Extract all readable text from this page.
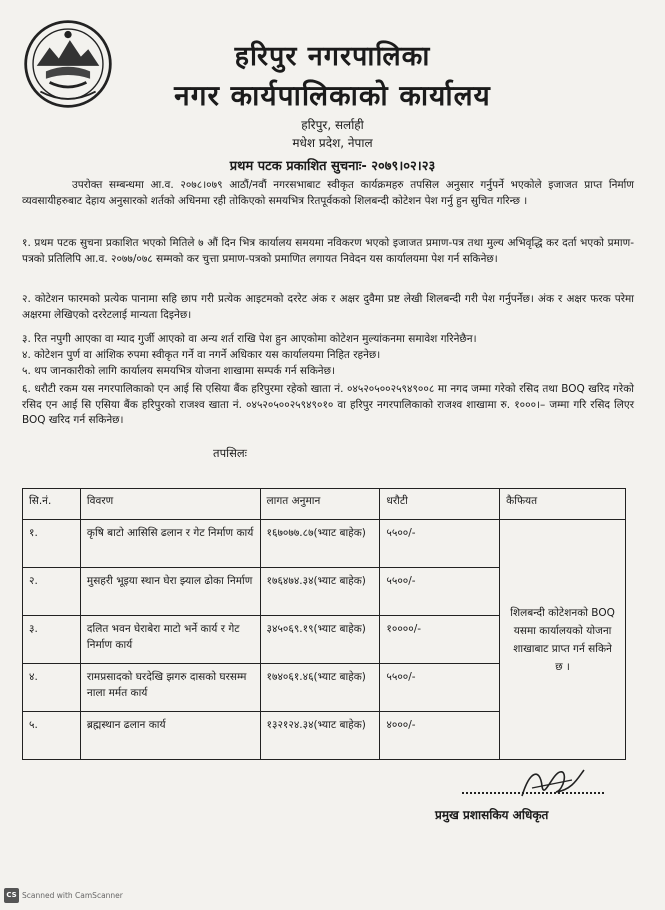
हरिपुर नगरपालिका
नगर कार्यपालिकाको कार्यालय
हरिपुर, सर्लाही
मधेश प्रदेश, नेपाल
प्रथम पटक प्रकाशित सुचनाः- २०७९।०२।२३
उपरोक्त सम्बन्धमा आ.व. २०७८।०७९ आठौं/नवौं नगरसभाबाट स्वीकृत कार्यक्रमहरु तपसिल अनुसार गर्नुपर्ने भएकोले इजाजत प्राप्त निर्माण व्यवसायीहरुबाट देहाय अनुसारको शर्तको अधिनमा रही तोकिएको समयभित्र रितपूर्वकको शिलबन्दी कोटेशन पेश गर्नु हुन सुचित गरिन्छ ।
१. प्रथम पटक सुचना प्रकाशित भएको मितिले ७ औं दिन भित्र कार्यालय समयमा नविकरण भएको इजाजत प्रमाण-पत्र तथा मुल्य अभिवृद्धि कर दर्ता भएको प्रमाण-पत्रको प्रतिलिपि आ.व. २०७७/०७८ सम्मको कर चुत्ता प्रमाण-पत्रको प्रमाणित लगायत निवेदन यस कार्यालयमा पेश गर्न सकिनेछ।
२. कोटेशन फारमको प्रत्येक पानामा सहि छाप गरी प्रत्येक आइटमको दररेट अंक र अक्षर दुवैमा प्रष्ट लेखी शिलबन्दी गरी पेश गर्नुपर्नेछ। अंक र अक्षर फरक परेमा अक्षरमा लेखिएको दररेटलाई मान्यता दिइनेछ।
३. रित नपुगी आएका वा म्याद गुर्जी आएको वा अन्य शर्त राखि पेश हुन आएकोमा कोटेशन मुल्यांकनमा समावेश गरिनेछैन।
४. कोटेशन पुर्ण वा आंशिक रुपमा स्वीकृत गर्ने वा नगर्ने अधिकार यस कार्यालयमा निहित रहनेछ।
५. थप जानकारीको लागि कार्यालय समयभित्र योजना शाखामा सम्पर्क गर्न सकिनेछ।
६. धरौटी रकम यस नगरपालिकाको एन आई सि एसिया बैंक हरिपुरमा रहेको खाता नं. ०४५२०५००२५९४९००८ मा नगद जम्मा गरेको रसिद तथा BOQ खरिद गरेको रसिद एन आई सि एसिया बैंक हरिपुरको राजश्व खाता नं. ०४५२०५००२५९४९०१० वा हरिपुर नगरपालिकाको राजश्व शाखामा रु. १०००।– जम्मा गरि रसिद लिएर BOQ खरिद गर्न सकिनेछ।
तपसिलः
सि.नं.	विवरण	लागत अनुमान	धरौटी	कैफियत
१.	कृषि बाटो आसिसि ढलान र गेट निर्माण कार्य	१६७०७७.८७(भ्याट बाहेक)	५५००/-	शिलबन्दी कोटेशनको BOQ यसमा कार्यालयको योजना शाखाबाट प्राप्त गर्न सकिने छ ।
२.	मुसहरी भूइया स्थान घेरा झ्याल ढोका निर्माण	१७६४७४.३४(भ्याट बाहेक)	५५००/-	
३.	दलित भवन घेराबेरा माटो भर्ने कार्य र गेट निर्माण कार्य	३४५०६९.१९(भ्याट बाहेक)	१००००/-	
४.	रामप्रसादको घरदेखि झगरु दासको घरसम्म नाला मर्मत कार्य	१७४०६१.४६(भ्याट बाहेक)	५५००/-	
५.	ब्रह्मस्थान ढलान कार्य	१३२१२४.३४(भ्याट बाहेक)	४०००/-	
प्रमुख प्रशासकिय अधिकृत
CS Scanned with CamScanner
